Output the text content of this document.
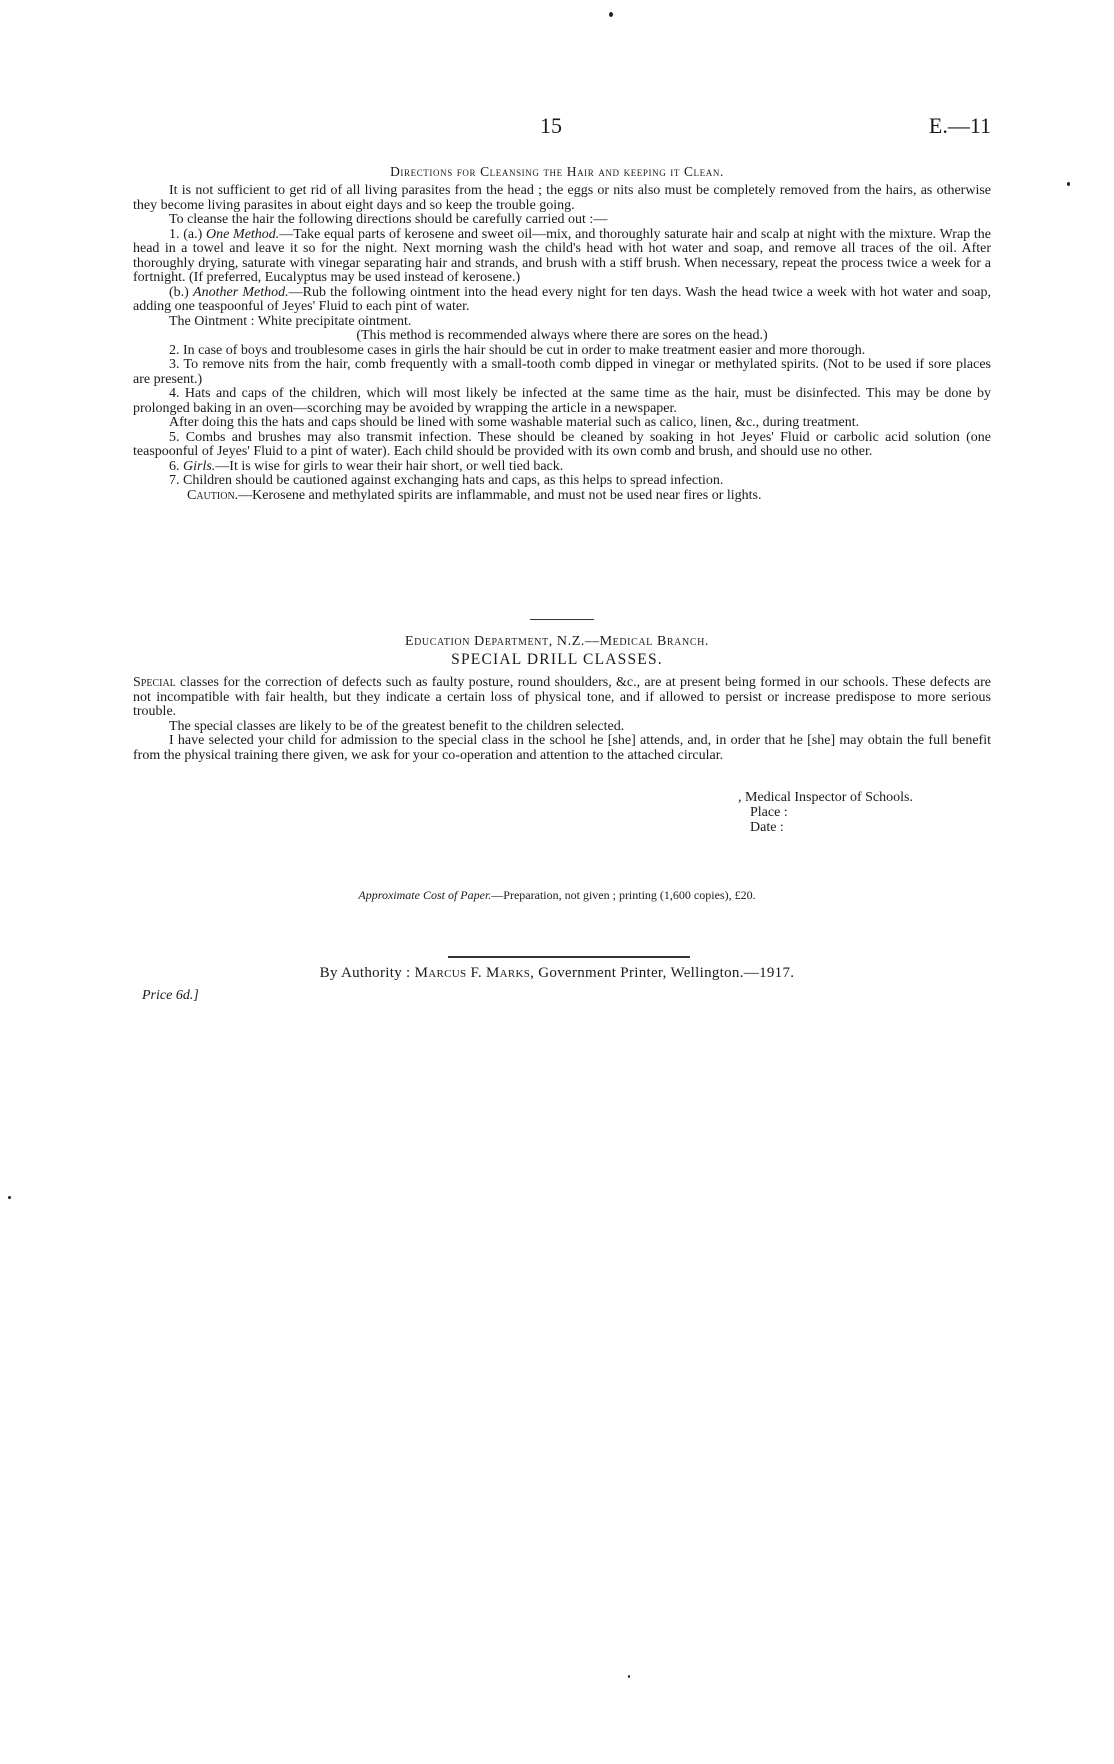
15	E.—11
Directions for Cleansing the Hair and keeping it Clean.

It is not sufficient to get rid of all living parasites from the head ; the eggs or nits also must be completely removed from the hairs, as otherwise they become living parasites in about eight days and so keep the trouble going.

To cleanse the hair the following directions should be carefully carried out :—

1. (a.) One Method.—Take equal parts of kerosene and sweet oil—mix, and thoroughly saturate hair and scalp at night with the mixture. Wrap the head in a towel and leave it so for the night. Next morning wash the child's head with hot water and soap, and remove all traces of the oil. After thoroughly drying, saturate with vinegar separating hair and strands, and brush with a stiff brush. When necessary, repeat the process twice a week for a fortnight. (If preferred, Eucalyptus may be used instead of kerosene.)

(b.) Another Method.—Rub the following ointment into the head every night for ten days. Wash the head twice a week with hot water and soap, adding one teaspoonful of Jeyes' Fluid to each pint of water.

The Ointment : White precipitate ointment.

(This method is recommended always where there are sores on the head.)

2. In case of boys and troublesome cases in girls the hair should be cut in order to make treatment easier and more thorough.

3. To remove nits from the hair, comb frequently with a small-tooth comb dipped in vinegar or methylated spirits. (Not to be used if sore places are present.)

4. Hats and caps of the children, which will most likely be infected at the same time as the hair, must be disinfected. This may be done by prolonged baking in an oven—scorching may be avoided by wrapping the article in a newspaper.

After doing this the hats and caps should be lined with some washable material such as calico, linen, &c., during treatment.

5. Combs and brushes may also transmit infection. These should be cleaned by soaking in hot Jeyes' Fluid or carbolic acid solution (one teaspoonful of Jeyes' Fluid to a pint of water). Each child should be provided with its own comb and brush, and should use no other.

6. Girls.—It is wise for girls to wear their hair short, or well tied back.

7. Children should be cautioned against exchanging hats and caps, as this helps to spread infection.

Caution.—Kerosene and methylated spirits are inflammable, and must not be used near fires or lights.

Education Department, N.Z.—Medical Branch.
SPECIAL DRILL CLASSES.

Special classes for the correction of defects such as faulty posture, round shoulders, &c., are at present being formed in our schools. These defects are not incompatible with fair health, but they indicate a certain loss of physical tone, and if allowed to persist or increase predispose to more serious trouble.

The special classes are likely to be of the greatest benefit to the children selected.

I have selected your child for admission to the special class in the school he [she] attends, and, in order that he [she] may obtain the full benefit from the physical training there given, we ask for your co-operation and attention to the attached circular.

, Medical Inspector of Schools.
Place :
Date :
Approximate Cost of Paper.—Preparation, not given ; printing (1,600 copies), £20.
By Authority : Marcus F. Marks, Government Printer, Wellington.—1917.
Price 6d.]
